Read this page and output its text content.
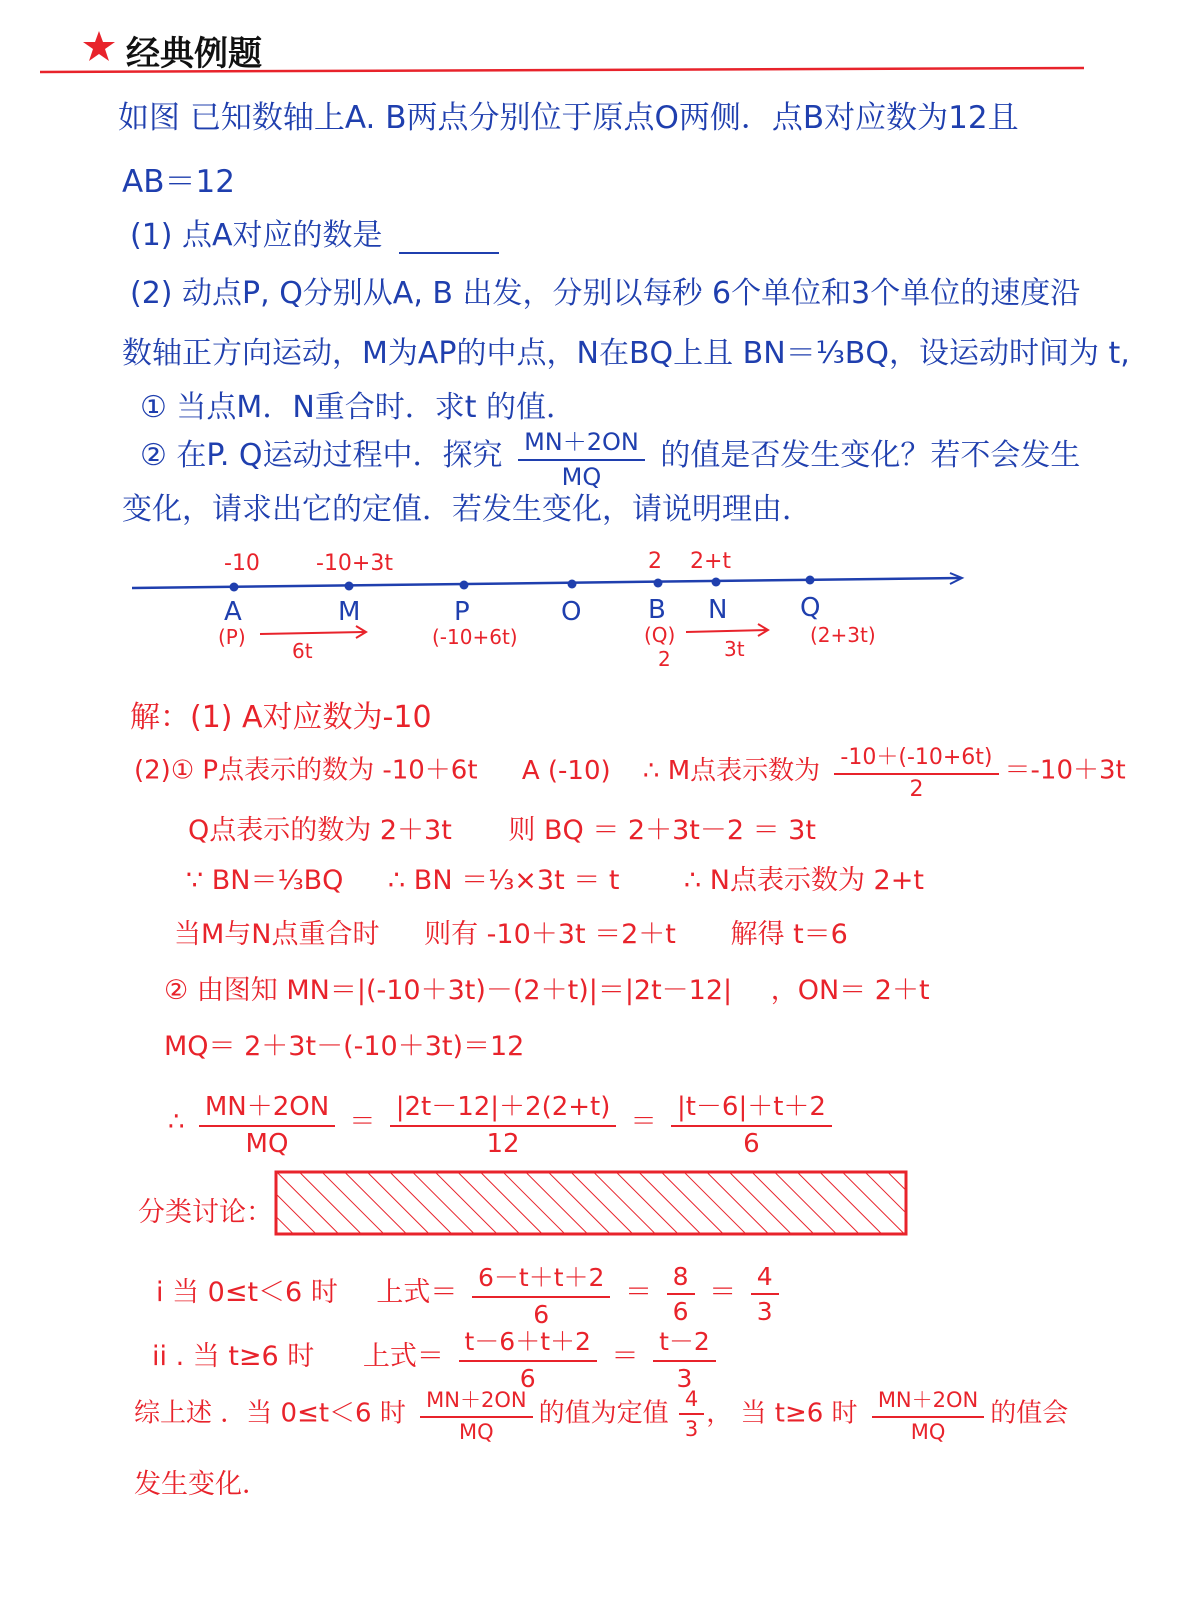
经典例题
如图 已知数轴上A. B两点分别位于原点O两侧．点B对应数为12且
AB＝12
(1) 点A对应的数是
(2) 动点P, Q分别从A, B 出发，分别以每秒 6个单位和3个单位的速度沿
数轴正方向运动，M为AP的中点，N在BQ上且 BN＝⅓BQ，设运动时间为 t,
① 当点M．N重合时．求t 的值．
② 在P. Q运动过程中．探究 $\frac{MN+2ON}{MQ}$ 的值是否发生变化？若不会发生
变化，请求出它的定值．若发生变化，请说明理由．
-10	-10+3t	2 2+t
A	M	P	O	B N	Q
(P)	(-10+6t)	(Q)
2
(2+3t)
6t	3t
解：(1) A对应数为-10
(2)① P点表示的数为 -10＋6t A (-10) ∴ M点表示数为 $\frac{-10+(-10+6t)}{2} =-10+3t$
Q点表示的数为 2＋3t 则 BQ ＝ 2＋3t－2 ＝ 3t
∵ BN＝⅓BQ ∴ BN ＝⅓×3t ＝ t ∴ N点表示数为 2+t
当M与N点重合时 则有 -10＋3t ＝2＋t 解得 t＝6
② 由图知 MN＝|(-10＋3t)－(2＋t)|＝|2t－12| ，ON＝ 2＋t
MQ＝ 2＋3t－(-10＋3t)＝12
∴ $\frac{MN+2ON}{MQ} = \frac{|2t-12|+2(2+t)}{12} = \frac{|t-6|+t+2}{6}$
分类讨论：
i 当 0≤t＜6 时 上式＝ $\frac{6-t+t+2}{6} = \frac{8}{6} = \frac{4}{3}$
ii . 当 t≥6 时 上式＝ $\frac{t-6+t+2}{6} = \frac{t-2}{3}$
综上述 ．当 0≤t＜6 时 $\frac{MN+2ON}{MQ}$ 的值为定值 $\frac{4}{3}$ ， 当 t≥6 时 $\frac{MN+2ON}{MQ}$ 的值会
发生变化．
